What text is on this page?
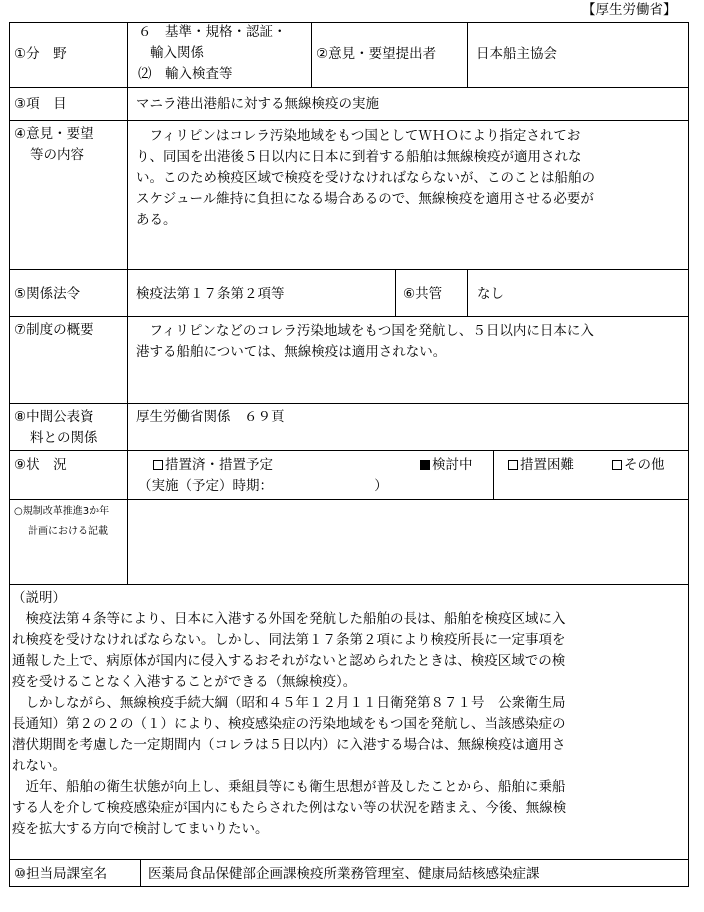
【厚生労働省】
①分　野
６　基準・規格・認証・
輸入関係
⑵　輸入検査等
②意見・要望提出者	日本船主協会
③項　目	マニラ港出港船に対する無線検疫の実施
④意見・要望
等の内容
　フィリピンはコレラ汚染地域をもつ国としてＷＨＯにより指定されてお
り、同国を出港後５日以内に日本に到着する船舶は無線検疫が適用されな
い。このため検疫区域で検疫を受けなければならないが、このことは船舶の
スケジュール維持に負担になる場合あるので、無線検疫を適用させる必要が
ある。
⑤関係法令	検疫法第１７条第２項等	⑥共管	なし
⑦制度の概要	　フィリピンなどのコレラ汚染地域をもつ国を発航し、５日以内に日本に入
港する船舶については、無線検疫は適用されない。
⑧中間公表資
料との関係
厚生労働省関係　６９頁
⑨状　況	措置済・措置予定	検討中	措置困難	その他
（実施（予定）時期：　　　　　　　　）
○規制改革推進3か年
計画における記載
（説明）
　検疫法第４条等により、日本に入港する外国を発航した船舶の長は、船舶を検疫区域に入
れ検疫を受けなければならない。しかし、同法第１７条第２項により検疫所長に一定事項を
通報した上で、病原体が国内に侵入するおそれがないと認められたときは、検疫区域での検
疫を受けることなく入港することができる（無線検疫）。
　しかしながら、無線検疫手続大綱（昭和４５年１２月１１日衛発第８７１号　公衆衛生局
長通知）第２の２の（１）により、検疫感染症の汚染地域をもつ国を発航し、当該感染症の
潜伏期間を考慮した一定期間内（コレラは５日以内）に入港する場合は、無線検疫は適用さ
れない。
　近年、船舶の衛生状態が向上し、乗組員等にも衛生思想が普及したことから、船舶に乗船
する人を介して検疫感染症が国内にもたらされた例はない等の状況を踏まえ、今後、無線検
疫を拡大する方向で検討してまいりたい。
⑩担当局課室名	医薬局食品保健部企画課検疫所業務管理室、健康局結核感染症課
